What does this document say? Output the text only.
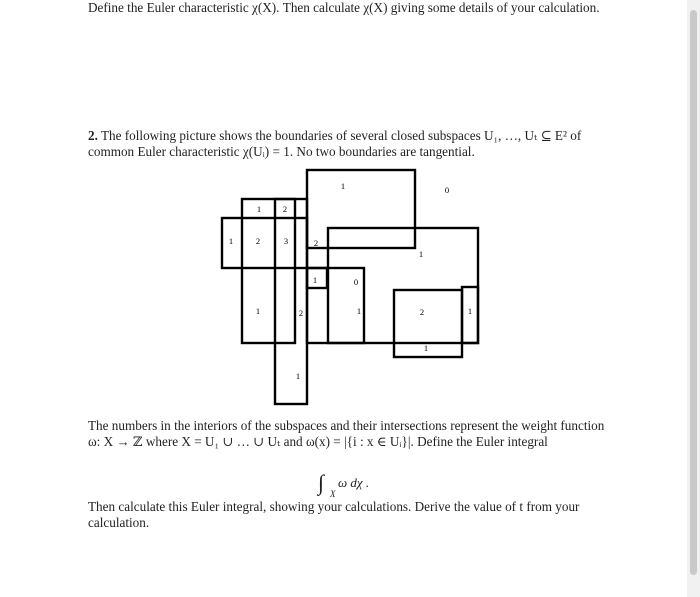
Define the Euler characteristic χ(X). Then calculate χ(X) giving some details of your calculation.

2. The following picture shows the boundaries of several closed subspaces U₁, …, Uₜ ⊆ E² of common Euler characteristic χ(Uᵢ) = 1. No two boundaries are tangential.

1	0
1	2
1	2	3	2
1
1	0
1	2	1	2	1
1
1

The numbers in the interiors of the subspaces and their intersections represent the weight function ω: X → ℤ where X = U₁ ∪ … ∪ Uₜ and ω(x) = |{i : x ∈ Uᵢ}|. Define the Euler integral

∫ X
ω dχ .

Then calculate this Euler integral, showing your calculations. Derive the value of t from your calculation.
